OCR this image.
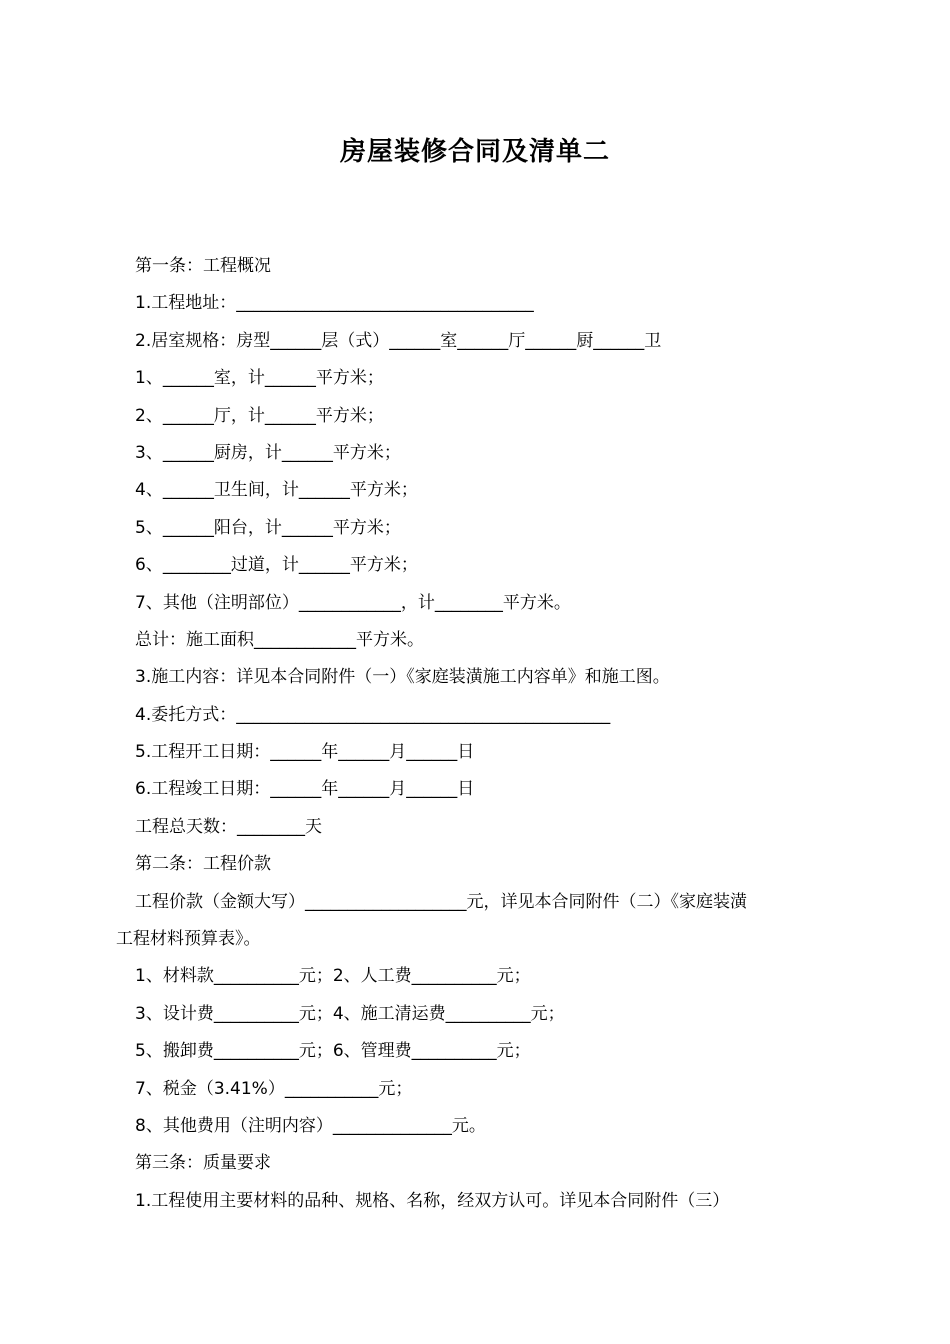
房屋装修合同及清单二
第一条：工程概况
1.工程地址：___________________________________
2.居室规格：房型______层（式）______室______厅______厨______卫
1、______室，计______平方米；
2、______厅，计______平方米；
3、______厨房，计______平方米；
4、______卫生间，计______平方米；
5、______阳台，计______平方米；
6、________过道，计______平方米；
7、其他（注明部位）____________，计________平方米。
总计：施工面积____________平方米。
3.施工内容：详见本合同附件（一）《家庭装潢施工内容单》和施工图。
4.委托方式：____________________________________________
5.工程开工日期：______年______月______日
6.工程竣工日期：______年______月______日
工程总天数：________天
第二条：工程价款
工程价款（金额大写）___________________元，详见本合同附件（二）《家庭装潢
工程材料预算表》。
1、材料款__________元；2、人工费__________元；
3、设计费__________元；4、施工清运费__________元；
5、搬卸费__________元；6、管理费__________元；
7、税金（3.41%）___________元；
8、其他费用（注明内容）______________元。
第三条：质量要求
1.工程使用主要材料的品种、规格、名称，经双方认可。详见本合同附件（三）
